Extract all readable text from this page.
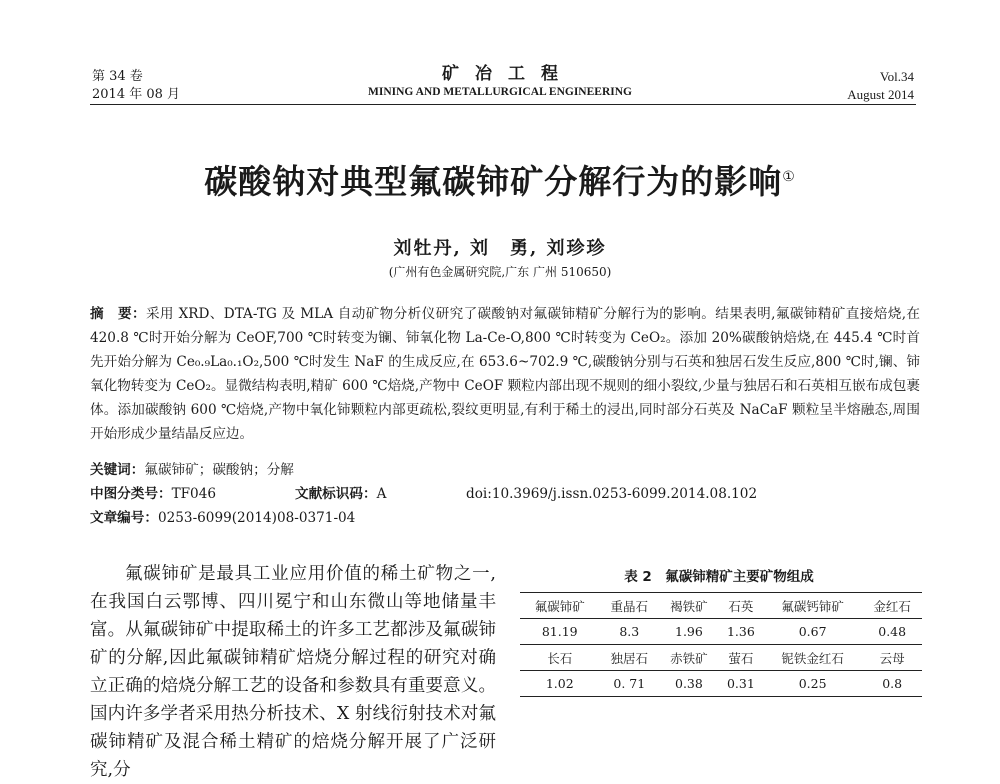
第 34 卷
2014 年 08 月
矿冶工程
MINING AND METALLURGICAL ENGINEERING
Vol.34
August 2014
碳酸钠对典型氟碳铈矿分解行为的影响①
刘牡丹, 刘　勇, 刘珍珍
(广州有色金属研究院,广东 广州 510650)
摘　要：采用 XRD、DTA-TG 及 MLA 自动矿物分析仪研究了碳酸钠对氟碳铈精矿分解行为的影响。结果表明,氟碳铈精矿直接焙烧,在 420.8 ℃时开始分解为 CeOF,700 ℃时转变为镧、铈氧化物 La-Ce-O,800 ℃时转变为 CeO₂。添加 20%碳酸钠焙烧,在 445.4 ℃时首先开始分解为 Ce₀.₉La₀.₁O₂,500 ℃时发生 NaF 的生成反应,在 653.6~702.9 ℃,碳酸钠分别与石英和独居石发生反应,800 ℃时,镧、铈氧化物转变为 CeO₂。显微结构表明,精矿 600 ℃焙烧,产物中 CeOF 颗粒内部出现不规则的细小裂纹,少量与独居石和石英相互嵌布成包裹体。添加碳酸钠 600 ℃焙烧,产物中氧化铈颗粒内部更疏松,裂纹更明显,有利于稀土的浸出,同时部分石英及 NaCaF 颗粒呈半熔融态,周围开始形成少量结晶反应边。
关键词：氟碳铈矿；碳酸钠；分解
中图分类号： TF046	文献标识码： A	doi:10.3969/j.issn.0253-6099.2014.08.102
文章编号：0253-6099(2014)08-0371-04

氟碳铈矿是最具工业应用价值的稀土矿物之一,在我国白云鄂博、四川冕宁和山东微山等地储量丰富。从氟碳铈矿中提取稀土的许多工艺都涉及氟碳铈矿的分解,因此氟碳铈精矿焙烧分解过程的研究对确立正确的焙烧分解工艺的设备和参数具有重要意义。国内许多学者采用热分析技术、X 射线衍射技术对氟碳铈精矿及混合稀土精矿的焙烧分解开展了广泛研究,分

表 2　氟碳铈精矿主要矿物组成
氟碳铈矿	重晶石	褐铁矿	石英	氟碳钙铈矿	金红石
81.19	8.3	1.96	1.36	0.67	0.48
长石	独居石	赤铁矿	萤石	铌铁金红石	云母
1.02	0. 71	0.38	0.31	0.25	0.8
